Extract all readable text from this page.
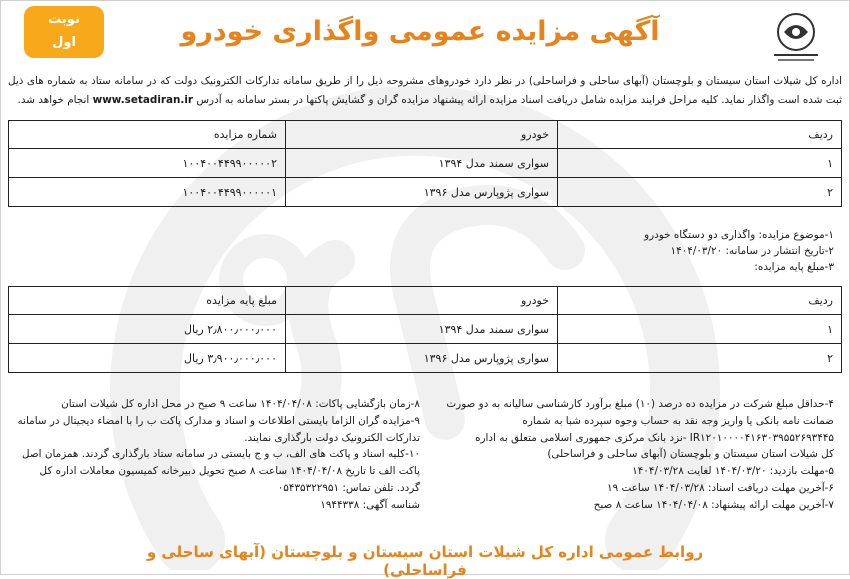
نوبت
اول	آگهی مزایده عمومی واگذاری خودرو
اداره کل شیلات استان سیستان و بلوچستان (آبهای ساحلی و فراساحلی) در نظر دارد خودروهای مشروحه ذیل را از طریق سامانه تدارکات الکترونیک دولت که در سامانه ستاد به شماره های ذیل ثبت شده است واگذار نماید. کلیه مراحل فرایند مزایده شامل دریافت اسناد مزایده ارائه پیشنهاد مزایده گران و گشایش پاکتها در بستر سامانه به آدرس www.setadiran.ir انجام خواهد شد.
ردیف	خودرو	شماره مزایده
۱	سواری سمند مدل ۱۳۹۴	۱۰۰۴۰۰۴۴۹۹۰۰۰۰۰۲
۲	سواری پژوپارس مدل ۱۳۹۶	۱۰۰۴۰۰۴۴۹۹۰۰۰۰۰۱
۱-موضوع مزایده: واگذاری دو دستگاه خودرو
۲-تاریخ انتشار در سامانه: ۱۴۰۴/۰۳/۲۰
۳-مبلغ پایه مزایده:
ردیف	خودرو	مبلغ پایه مزایده
۱	سواری سمند مدل ۱۳۹۴	۲٫۸۰۰٫۰۰۰٫۰۰۰ ریال
۲	سواری پژوپارس مدل ۱۳۹۶	۳٫۹۰۰٫۰۰۰٫۰۰۰ ریال
۴-حداقل مبلغ شرکت در مزایده ده درصد (۱۰) مبلغ برآورد کارشناسی سالیانه به دو صورت
ضمانت نامه بانکی یا واریز وجه نقد به حساب وجوه سپرده شبا به شماره
IR۱۲۰۱۰۰۰۰۴۱۶۳۰۳۹۵۵۲۶۹۳۴۴۵ -نزد بانک مرکزی جمهوری اسلامی متعلق به اداره
کل شیلات استان سیستان و بلوچستان (آبهای ساحلی و فراساحلی)
۵-مهلت بازدید: ۱۴۰۴/۰۳/۲۰ لغایت ۱۴۰۴/۰۳/۲۸
۶-آخرین مهلت دریافت اسناد: ۱۴۰۴/۰۳/۲۸ ساعت ۱۹
۷-آخرین مهلت ارائه پیشنهاد: ۱۴۰۴/۰۴/۰۸ ساعت ۸ صبح
۸-زمان بازگشایی پاکات: ۱۴۰۴/۰۴/۰۸ ساعت ۹ صبح در محل اداره کل شیلات استان
۹-مزایده گران الزاما بایستی اطلاعات و اسناد و مدارک پاکت ب را با امضاء دیجیتال در سامانه
تدارکات الکترونیک دولت بارگذاری نمایند.
۱۰-کلیه اسناد و پاکت های الف، ب و ج بایستی در سامانه ستاد بارگذاری گردند. همزمان اصل
پاکت الف تا تاریخ ۱۴۰۴/۰۴/۰۸ ساعت ۸ صبح تحویل دبیرخانه کمیسیون معاملات اداره کل
گردد. تلفن تماس: ۰۵۴۳۵۳۲۲۹۵۱
شناسه آگهی: ۱۹۴۴۳۳۸
روابط عمومی اداره کل شیلات استان سیستان و بلوچستان (آبهای ساحلی و فراساحلی)
